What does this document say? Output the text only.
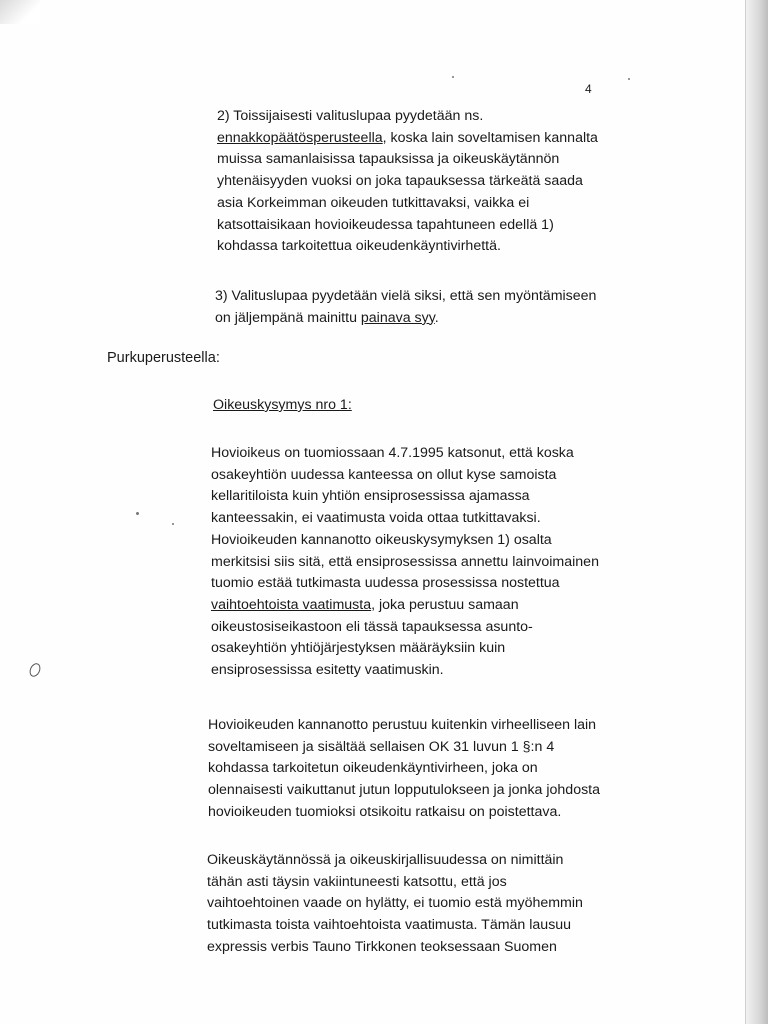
4
2) Toissijaisesti valituslupaa pyydetään ns.
ennakkopäätösperusteella, koska lain soveltamisen kannalta
muissa samanlaisissa tapauksissa ja oikeuskäytännön
yhtenäisyyden vuoksi on joka tapauksessa tärkeätä saada
asia Korkeimman oikeuden tutkittavaksi, vaikka ei
katsottaisikaan hovioikeudessa tapahtuneen edellä 1)
kohdassa tarkoitettua oikeudenkäyntivirhettä.
3) Valituslupaa pyydetään vielä siksi, että sen myöntämiseen
on jäljempänä mainittu painava syy.
Purkuperusteella:
Oikeuskysymys nro 1:
Hovioikeus on tuomiossaan 4.7.1995 katsonut, että koska
osakeyhtiön uudessa kanteessa on ollut kyse samoista
kellaritiloista kuin yhtiön ensiprosessissa ajamassa
kanteessakin, ei vaatimusta voida ottaa tutkittavaksi.
Hovioikeuden kannanotto oikeuskysymyksen 1) osalta
merkitsisi siis sitä, että ensiprosessissa annettu lainvoimainen
tuomio estää tutkimasta uudessa prosessissa nostettua
vaihtoehtoista vaatimusta, joka perustuu samaan
oikeustosiseikastoon eli tässä tapauksessa asunto-
osakeyhtiön yhtiöjärjestyksen määräyksiin kuin
ensiprosessissa esitetty vaatimuskin.
Hovioikeuden kannanotto perustuu kuitenkin virheelliseen lain
soveltamiseen ja sisältää sellaisen OK 31 luvun 1 §:n 4
kohdassa tarkoitetun oikeudenkäyntivirheen, joka on
olennaisesti vaikuttanut jutun lopputulokseen ja jonka johdosta
hovioikeuden tuomioksi otsikoitu ratkaisu on poistettava.
Oikeuskäytännössä ja oikeuskirjallisuudessa on nimittäin
tähän asti täysin vakiintuneesti katsottu, että jos
vaihtoehtoinen vaade on hylätty, ei tuomio estä myöhemmin
tutkimasta toista vaihtoehtoista vaatimusta. Tämän lausuu
expressis verbis Tauno Tirkkonen teoksessaan Suomen
